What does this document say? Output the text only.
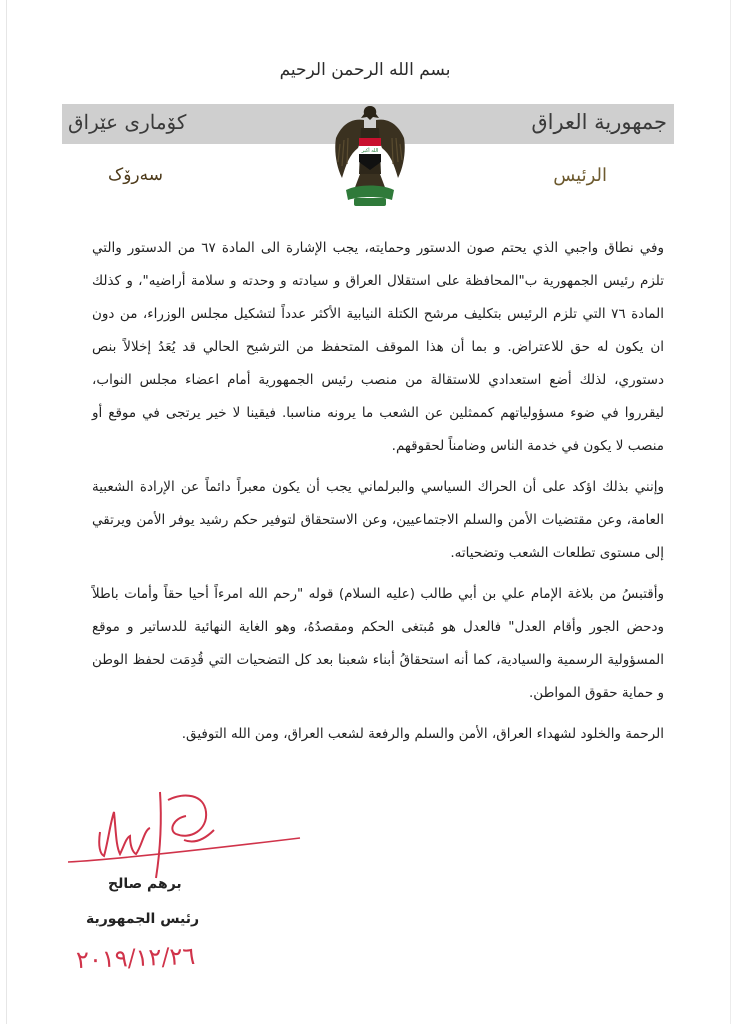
بسم الله الرحمن الرحيم
كۆماری عێراق	جمهورية العراق
سەرۆک	الرئيس
الله أكبر

وفي نطاق واجبي الذي يحتم صون الدستور وحمايته، يجب الإشارة الى المادة ٦٧ من الدستور والتي تلزم رئيس الجمهورية ب"المحافظة على استقلال العراق و سيادته و وحدته و سلامة أراضيه"، و كذلك المادة ٧٦ التي تلزم الرئيس بتكليف مرشح الكتلة النيابية الأكثر عدداً لتشكيل مجلس الوزراء، من دون ان يكون له حق للاعتراض. و بما أن هذا الموقف المتحفظ من الترشيح الحالي قد يُعَدُ إخلالاً بنص دستوري، لذلك أضع استعدادي للاستقالة من منصب رئيس الجمهورية أمام اعضاء مجلس النواب، ليقرروا في ضوء مسؤولياتهم كممثلين عن الشعب ما يرونه مناسبا. فيقينا لا خير يرتجى في موقع أو منصب لا يكون في خدمة الناس وضامناً لحقوقهم.

وإنني بذلك اؤكد على أن الحراك السياسي والبرلماني يجب أن يكون معبراً دائماً عن الإرادة الشعبية العامة، وعن مقتضيات الأمن والسلم الاجتماعيين، وعن الاستحقاق لتوفير حكم رشيد يوفر الأمن ويرتقي إلى مستوى تطلعات الشعب وتضحياته.

وأقتبسُ من بلاغة الإمام علي بن أبي طالب (عليه السلام) قوله "رحم الله امرءاً أحيا حقاً وأمات باطلاً ودحض الجور وأقام العدل" فالعدل هو مُبتغى الحكم ومقصدُهُ، وهو الغاية النهائية للدساتير و موقع المسؤولية الرسمية والسيادية، كما أنه استحقاقُ أبناء شعبنا بعد كل التضحيات التي قُدِمَت لحفظ الوطن و حماية حقوق المواطن.

الرحمة والخلود لشهداء العراق، الأمن والسلم والرفعة لشعب العراق، ومن الله التوفيق.

برهم صالح
رئيس الجمهورية
٢٠١٩/١٢/٢٦
